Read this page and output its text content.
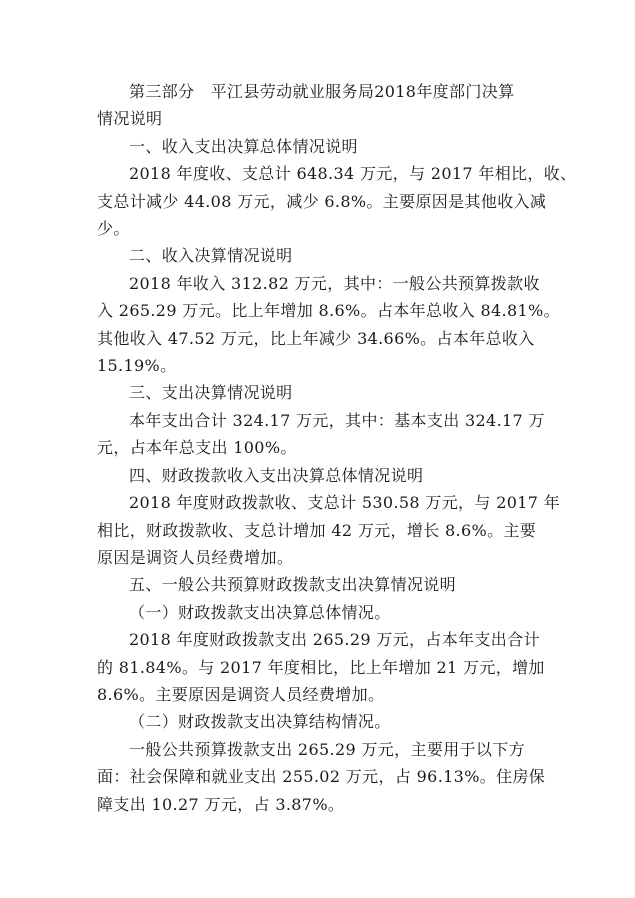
第三部分   平江县劳动就业服务局2018年度部门决算

情况说明

一、收入支出决算总体情况说明

2018 年度收、支总计 648.34 万元，与 2017 年相比，收、

支总计减少 44.08 万元，减少 6.8%。主要原因是其他收入减

少。

二、收入决算情况说明

2018 年收入 312.82 万元，其中：一般公共预算拨款收

入 265.29 万元。比上年增加 8.6%。占本年总收入 84.81%。

其他收入 47.52 万元，比上年减少 34.66%。占本年总收入

15.19%。

三、支出决算情况说明

本年支出合计 324.17 万元，其中：基本支出 324.17 万

元，占本年总支出 100%。

四、财政拨款收入支出决算总体情况说明

2018 年度财政拨款收、支总计 530.58 万元，与 2017 年

相比，财政拨款收、支总计增加 42 万元，增长 8.6%。主要

原因是调资人员经费增加。

五、一般公共预算财政拨款支出决算情况说明

（一）财政拨款支出决算总体情况。

2018 年度财政拨款支出 265.29 万元，占本年支出合计

的 81.84%。与 2017 年度相比，比上年增加 21 万元，增加

8.6%。主要原因是调资人员经费增加。

（二）财政拨款支出决算结构情况。

一般公共预算拨款支出 265.29 万元，主要用于以下方

面：社会保障和就业支出 255.02 万元，占 96.13%。住房保

障支出 10.27 万元，占 3.87%。
